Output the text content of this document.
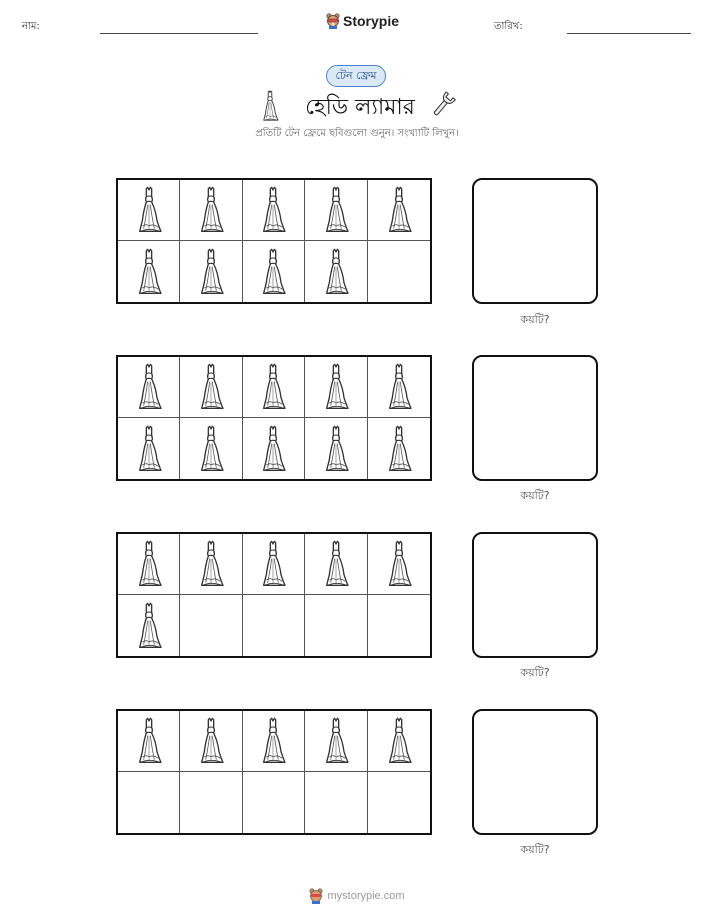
নাম:	Storypie	তারিখ:
টেন ফ্রেম
হেডি ল্যামার
প্রতিটি টেন ফ্রেমে ছবিগুলো গুনুন। সংখ্যাটি লিখুন।
কয়টি?
কয়টি?
কয়টি?
কয়টি?
mystorypie.com
